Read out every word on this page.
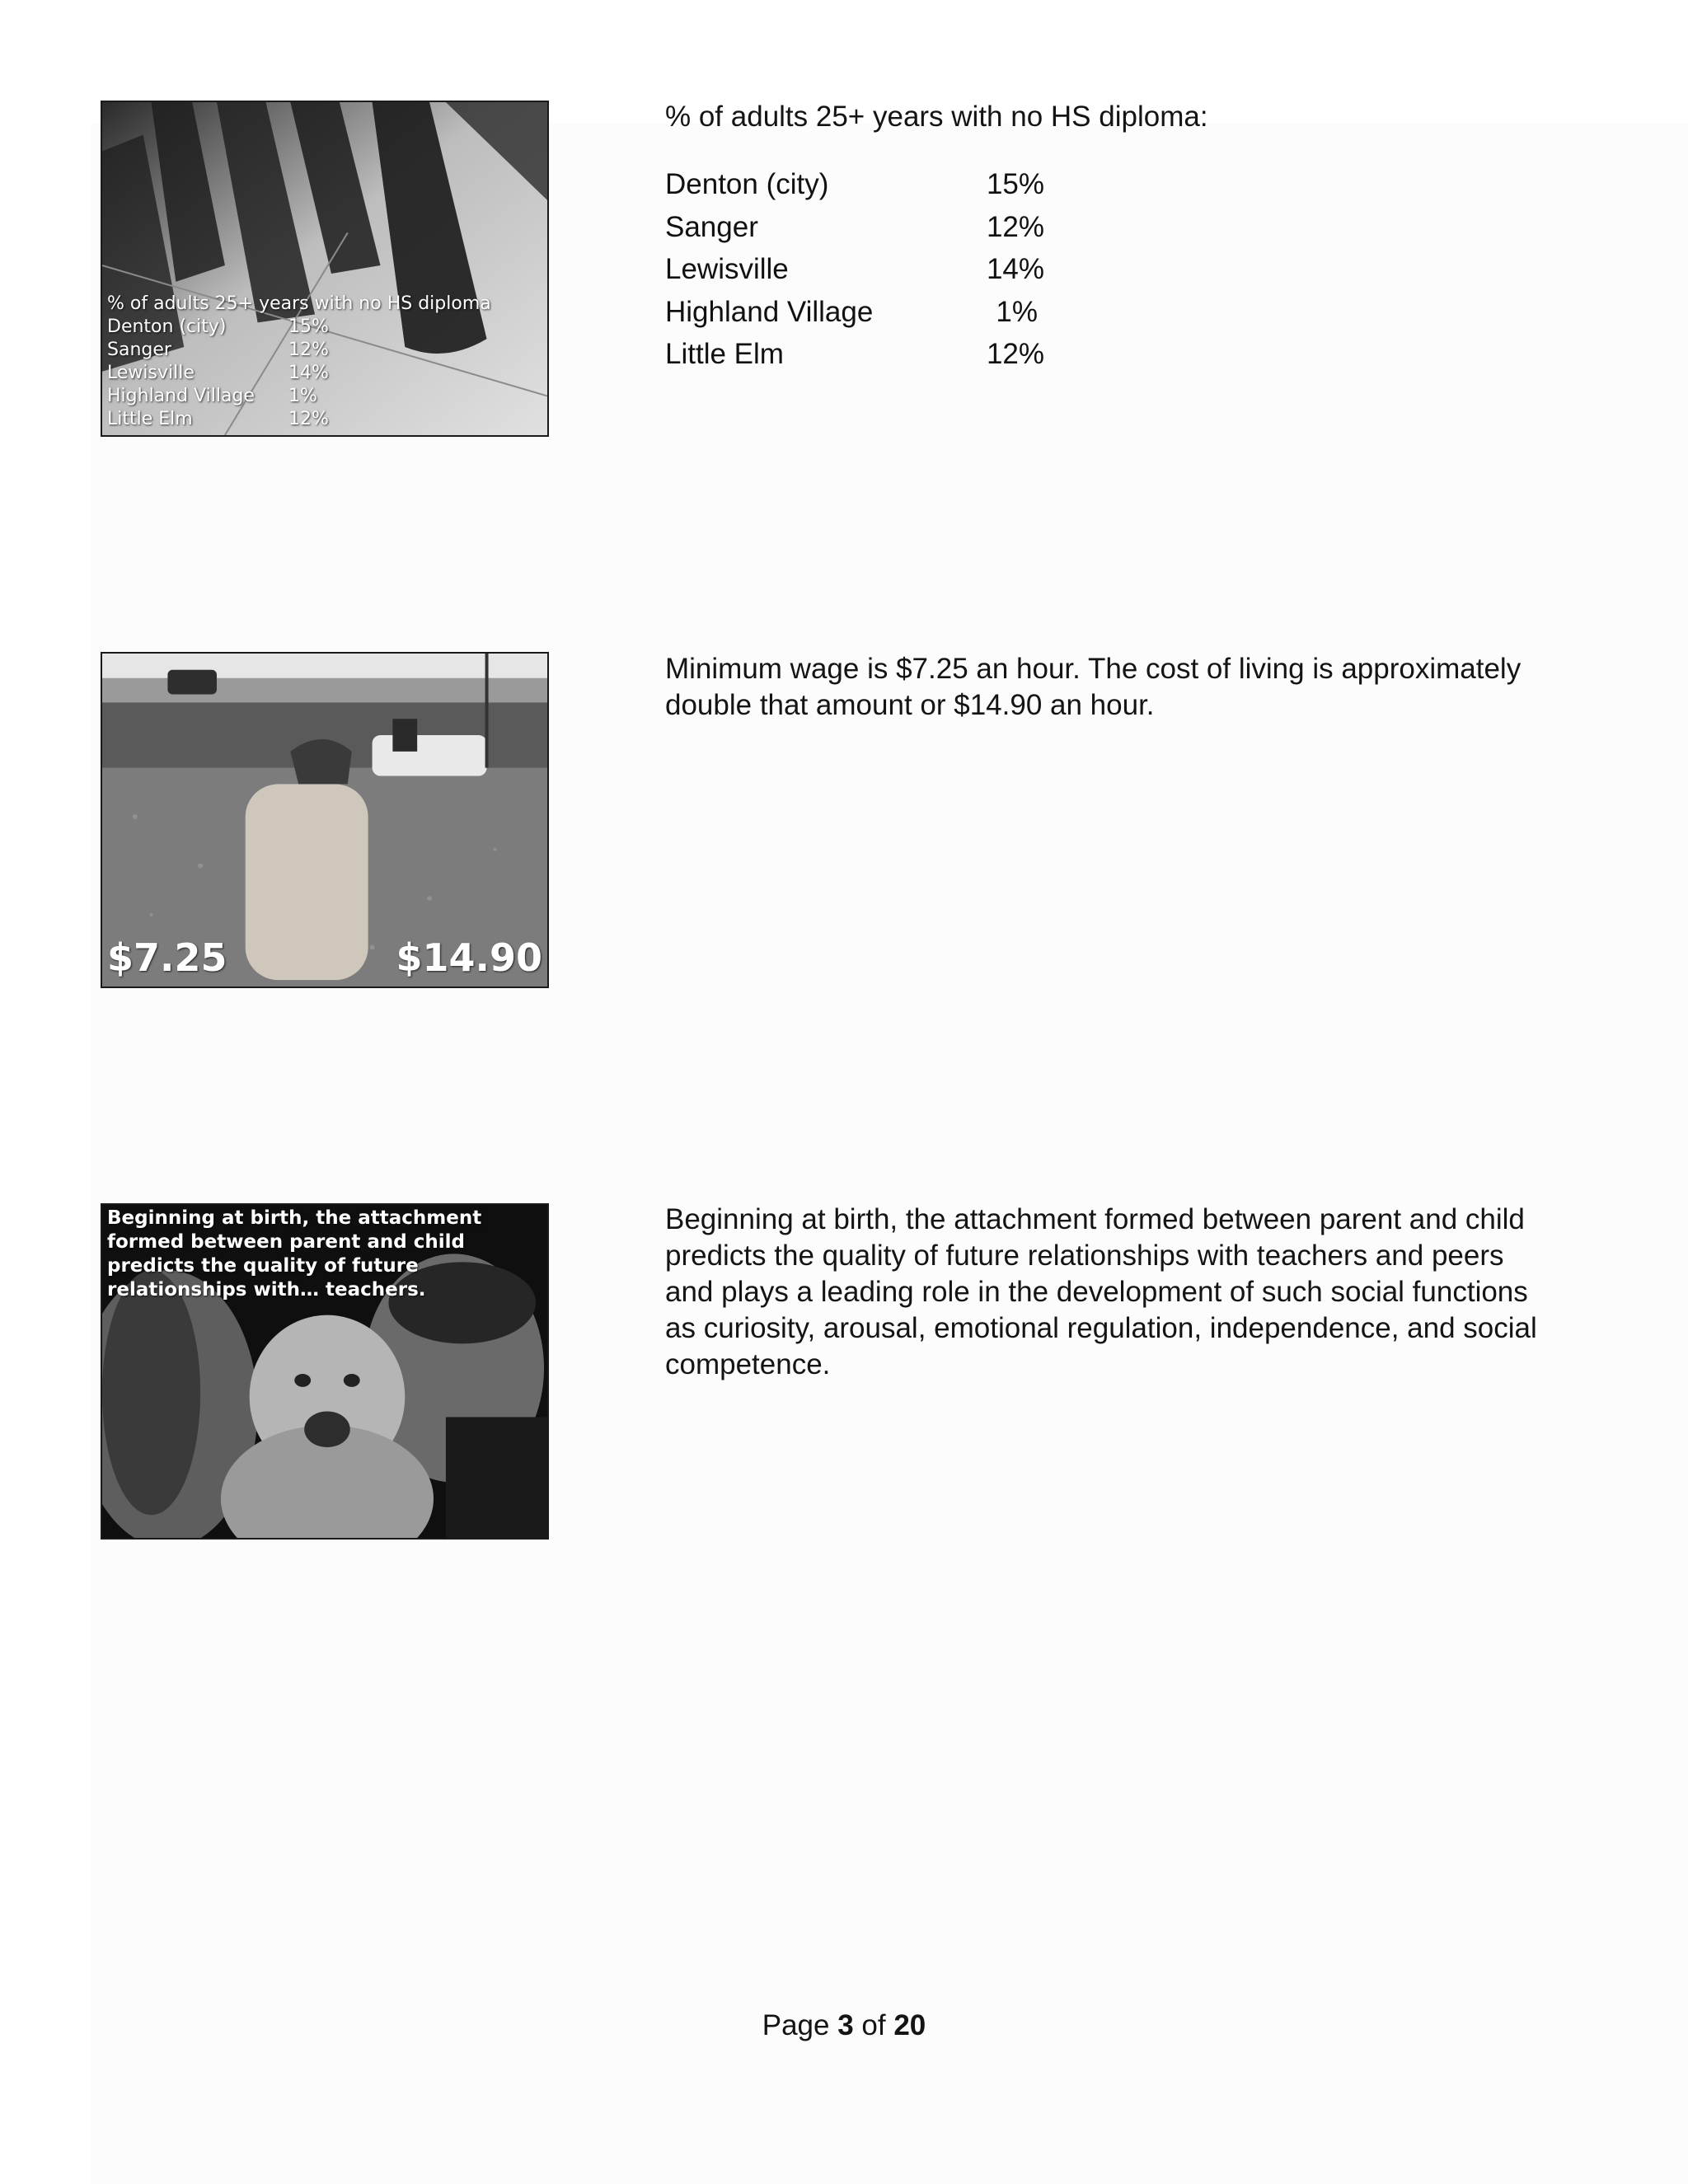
% of adults 25+ years with no HS diploma
Denton (city)	15%
Sanger	12%
Lewisville	14%
Highland Village 1%
Little Elm	12%
$7.25	$14.90
Beginning at birth, the attachment formed between parent and child predicts the quality of future relationships with… teachers.
% of adults 25+ years with no HS diploma:
Denton (city)	15%
Sanger	12%
Lewisville	14%
Highland Village	1%
Little Elm	12%
Minimum wage is $7.25 an hour. The cost of living is approximately double that amount or $14.90 an hour.
Beginning at birth, the attachment formed between parent and child predicts the quality of future relationships with teachers and peers and plays a leading role in the development of such social functions as curiosity, arousal, emotional regulation, independence, and social competence.
Page 3 of 20
